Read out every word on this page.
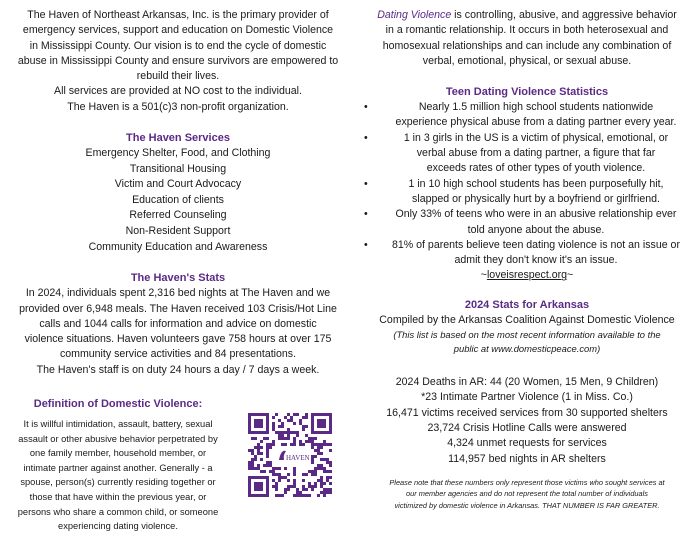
The Haven of Northeast Arkansas, Inc. is the primary provider of
emergency services, support and education on Domestic Violence
in Mississippi County. Our vision is to end the cycle of domestic
abuse in Mississippi County and ensure survivors are empowered to
rebuild their lives.
All services are provided at NO cost to the individual.
The Haven is a 501(c)3 non-profit organization.
The Haven Services
Emergency Shelter, Food, and Clothing
Transitional Housing
Victim and Court Advocacy
Education of clients
Referred Counseling
Non-Resident Support
Community Education and Awareness
The Haven's Stats
In 2024, individuals spent 2,316 bed nights at The Haven and we
provided over 6,948 meals. The Haven received 103 Crisis/Hot Line
calls and 1044 calls for information and advice on domestic
violence situations. Haven volunteers gave 758 hours at over 175
community service activities and 84 presentations.
The Haven's staff is on duty 24 hours a day / 7 days a week.
Definition of Domestic Violence:
It is willful intimidation, assault, battery, sexual
assault or other abusive behavior perpetrated by
one family member, household member, or
intimate partner against another. Generally - a
spouse, person(s) currently residing together or
those that have within the previous year, or
persons who share a common child, or someone
experiencing dating violence.
HAVEN
Dating Violence is controlling, abusive, and aggressive behavior
in a romantic relationship. It occurs in both heterosexual and
homosexual relationships and can include any combination of
verbal, emotional, physical, or sexual abuse.
Teen Dating Violence Statistics
•	Nearly 1.5 million high school students nationwide
experience physical abuse from a dating partner every year.
•	1 in 3 girls in the US is a victim of physical, emotional, or
verbal abuse from a dating partner, a figure that far
exceeds rates of other types of youth violence.
•	1 in 10 high school students has been purposefully hit,
slapped or physically hurt by a boyfriend or girlfriend.
•	Only 33% of teens who were in an abusive relationship ever
told anyone about the abuse.
•	81% of parents believe teen dating violence is not an issue or
admit they don't know it's an issue.
~loveisrespect.org~
2024 Stats for Arkansas
Compiled by the Arkansas Coalition Against Domestic Violence
(This list is based on the most recent information available to the
public at www.domesticpeace.com)
2024 Deaths in AR: 44 (20 Women, 15 Men, 9 Children)
*23 Intimate Partner Violence (1 in Miss. Co.)
16,471 victims received services from 30 supported shelters
23,724 Crisis Hotline Calls were answered
4,324 unmet requests for services
114,957 bed nights in AR shelters
Please note that these numbers only represent those victims who sought services at
our member agencies and do not represent the total number of individuals
victimized by domestic violence in Arkansas. THAT NUMBER IS FAR GREATER.
